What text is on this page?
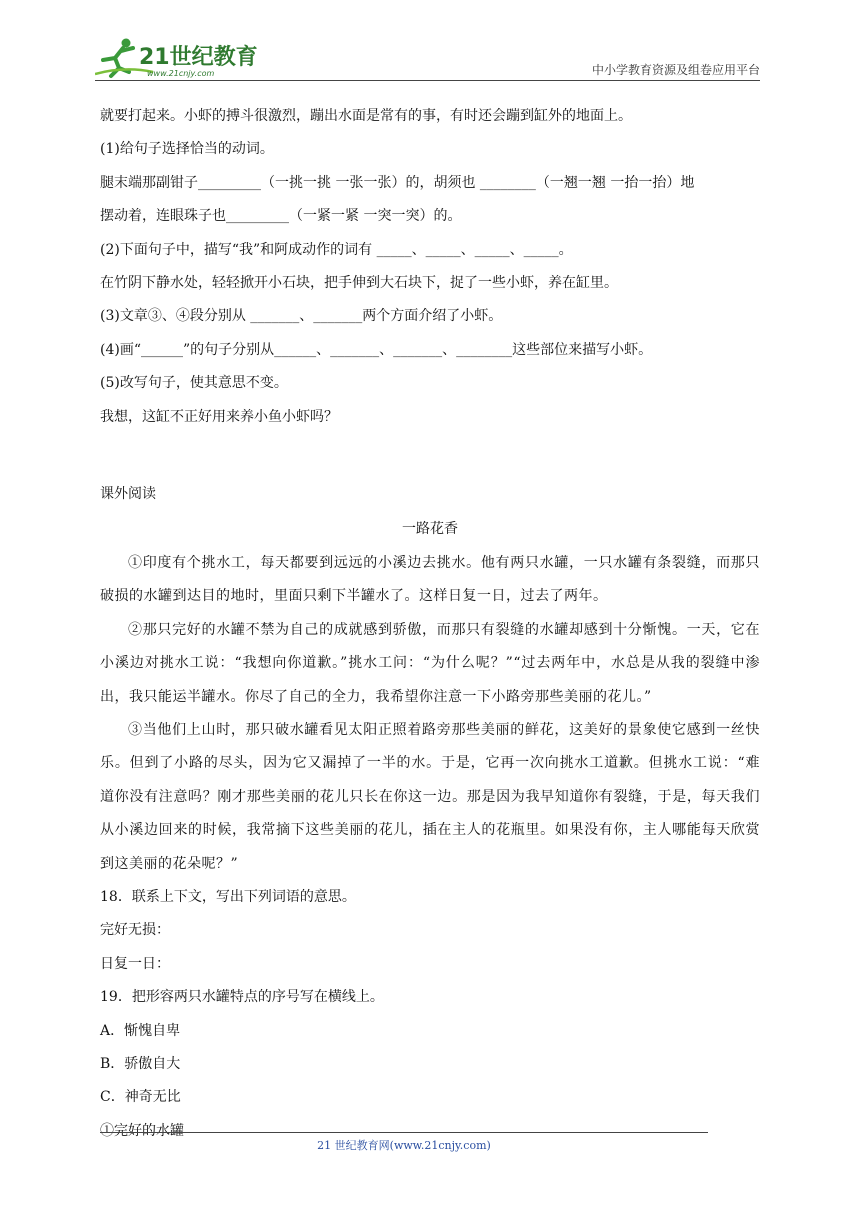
21世纪教育
www.21cnjy.com	中小学教育资源及组卷应用平台
就要打起来。小虾的搏斗很激烈，蹦出水面是常有的事，有时还会蹦到缸外的地面上。
(1)给句子选择恰当的动词。
腿末端那副钳子_________（一挑一挑 一张一张）的，胡须也 ________（一翘一翘 一抬一抬）地
摆动着，连眼珠子也_________（一紧一紧 一突一突）的。
(2)下面句子中，描写“我”和阿成动作的词有 _____、_____、_____、_____。
在竹阴下静水处，轻轻掀开小石块，把手伸到大石块下，捉了一些小虾，养在缸里。
(3)文章③、④段分别从 _______、_______两个方面介绍了小虾。
(4)画“______”的句子分别从______、_______、_______、________这些部位来描写小虾。
(5)改写句子，使其意思不变。
我想，这缸不正好用来养小鱼小虾吗？
课外阅读
一路花香
①印度有个挑水工，每天都要到远远的小溪边去挑水。他有两只水罐，一只水罐有条裂缝，而那只破损的水罐到达目的地时，里面只剩下半罐水了。这样日复一日，过去了两年。
②那只完好的水罐不禁为自己的成就感到骄傲，而那只有裂缝的水罐却感到十分惭愧。一天，它在小溪边对挑水工说：“我想向你道歉。”挑水工问：“为什么呢？”“过去两年中，水总是从我的裂缝中渗出，我只能运半罐水。你尽了自己的全力，我希望你注意一下小路旁那些美丽的花儿。”
③当他们上山时，那只破水罐看见太阳正照着路旁那些美丽的鲜花，这美好的景象使它感到一丝快乐。但到了小路的尽头，因为它又漏掉了一半的水。于是，它再一次向挑水工道歉。但挑水工说：“难道你没有注意吗？刚才那些美丽的花儿只长在你这一边。那是因为我早知道你有裂缝，于是，每天我们从小溪边回来的时候，我常摘下这些美丽的花儿，插在主人的花瓶里。如果没有你，主人哪能每天欣赏到这美丽的花朵呢？”
18．联系上下文，写出下列词语的意思。
完好无损：
日复一日：
19．把形容两只水罐特点的序号写在横线上。
A．惭愧自卑
B．骄傲自大
C．神奇无比
①完好的水罐
21 世纪教育网(www.21cnjy.com)
